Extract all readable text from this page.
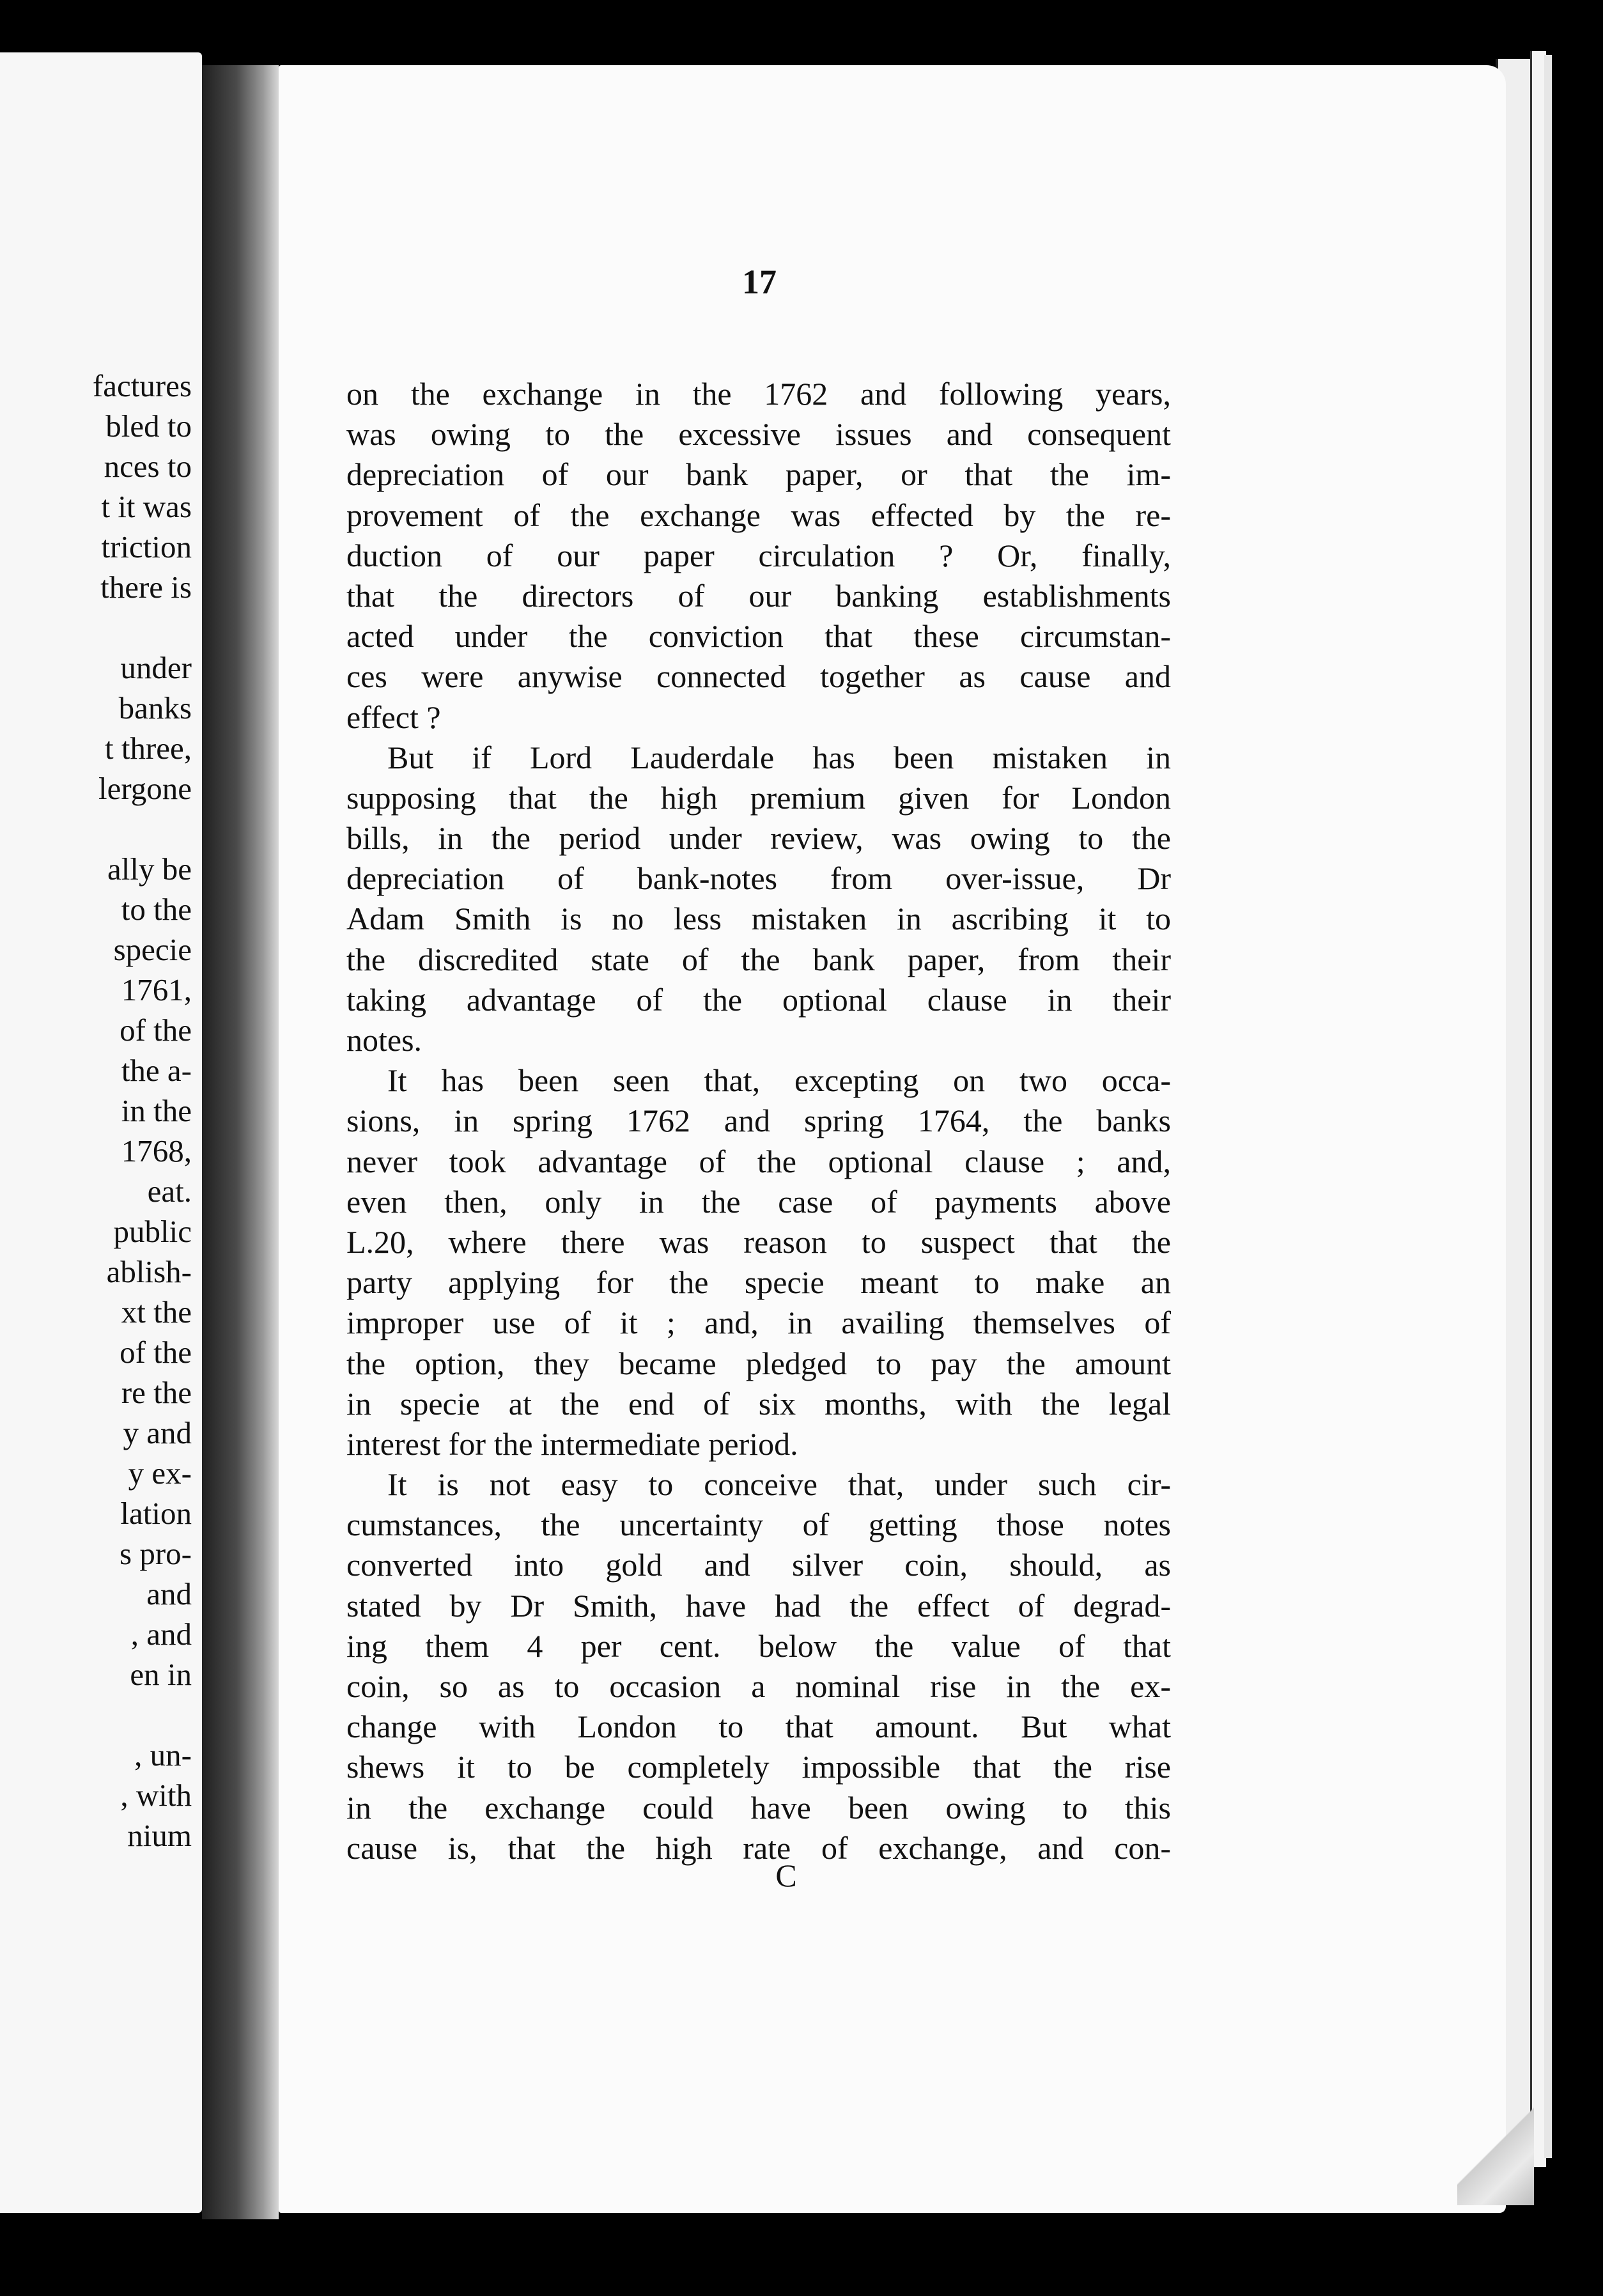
factures
bled to
nces to
t it was
triction
there is
under
banks
t three,
lergone
ally be
to the
specie
1761,
of the
the a-
in the
1768,
eat.
public
ablish-
xt the
of the
re the
y and
y ex-
lation
s pro-
and
, and
en in
, un-
, with
nium
17
on the exchange in the 1762 and following years,
was owing to the excessive issues and consequent
depreciation of our bank paper, or that the im-
provement of the exchange was effected by the re-
duction of our paper circulation ? Or, finally,
that the directors of our banking establishments
acted under the conviction that these circumstan-
ces were anywise connected together as cause and
effect ?
But if Lord Lauderdale has been mistaken in
supposing that the high premium given for London
bills, in the period under review, was owing to the
depreciation of bank-notes from over-issue, Dr
Adam Smith is no less mistaken in ascribing it to
the discredited state of the bank paper, from their
taking advantage of the optional clause in their
notes.
It has been seen that, excepting on two occa-
sions, in spring 1762 and spring 1764, the banks
never took advantage of the optional clause ; and,
even then, only in the case of payments above
L.20, where there was reason to suspect that the
party applying for the specie meant to make an
improper use of it ; and, in availing themselves of
the option, they became pledged to pay the amount
in specie at the end of six months, with the legal
interest for the intermediate period.
It is not easy to conceive that, under such cir-
cumstances, the uncertainty of getting those notes
converted into gold and silver coin, should, as
stated by Dr Smith, have had the effect of degrad-
ing them 4 per cent. below the value of that
coin, so as to occasion a nominal rise in the ex-
change with London to that amount. But what
shews it to be completely impossible that the rise
in the exchange could have been owing to this
cause is, that the high rate of exchange, and con-
C
